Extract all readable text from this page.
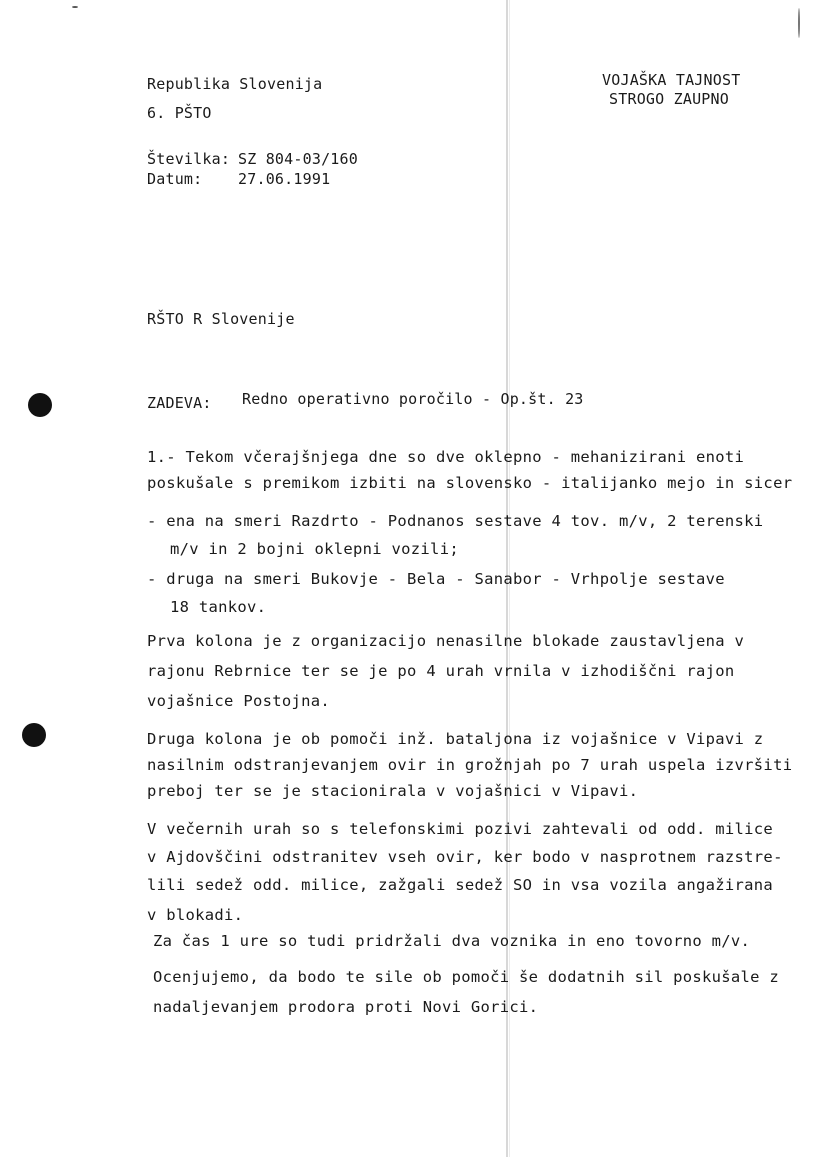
Republika Slovenija
6. PŠTO
VOJAŠKA TAJNOST
STROGO ZAUPNO
Številka: SZ 804-03/160
Datum: 27.06.1991
RŠTO R Slovenije
ZADEVA: Redno operativno poročilo - Op.št. 23
1.- Tekom včerajšnjega dne so dve oklepno - mehanizirani enoti
poskušale s premikom izbiti na slovensko - italijanko mejo in sicer
- ena na smeri Razdrto - Podnanos sestave 4 tov. m/v, 2 terenski
m/v in 2 bojni oklepni vozili;
- druga na smeri Bukovje - Bela - Sanabor - Vrhpolje sestave
18 tankov.
Prva kolona je z organizacijo nenasilne blokade zaustavljena v
rajonu Rebrnice ter se je po 4 urah vrnila v izhodiščni rajon
vojašnice Postojna.
Druga kolona je ob pomoči inž. bataljona iz vojašnice v Vipavi z
nasilnim odstranjevanjem ovir in grožnjah po 7 urah uspela izvršiti
preboj ter se je stacionirala v vojašnici v Vipavi.
V večernih urah so s telefonskimi pozivi zahtevali od odd. milice
v Ajdovščini odstranitev vseh ovir, ker bodo v nasprotnem razstre-
lili sedež odd. milice, zažgali sedež SO in vsa vozila angažirana
v blokadi.
Za čas 1 ure so tudi pridržali dva voznika in eno tovorno m/v.
Ocenjujemo, da bodo te sile ob pomoči še dodatnih sil poskušale z
nadaljevanjem prodora proti Novi Gorici.
